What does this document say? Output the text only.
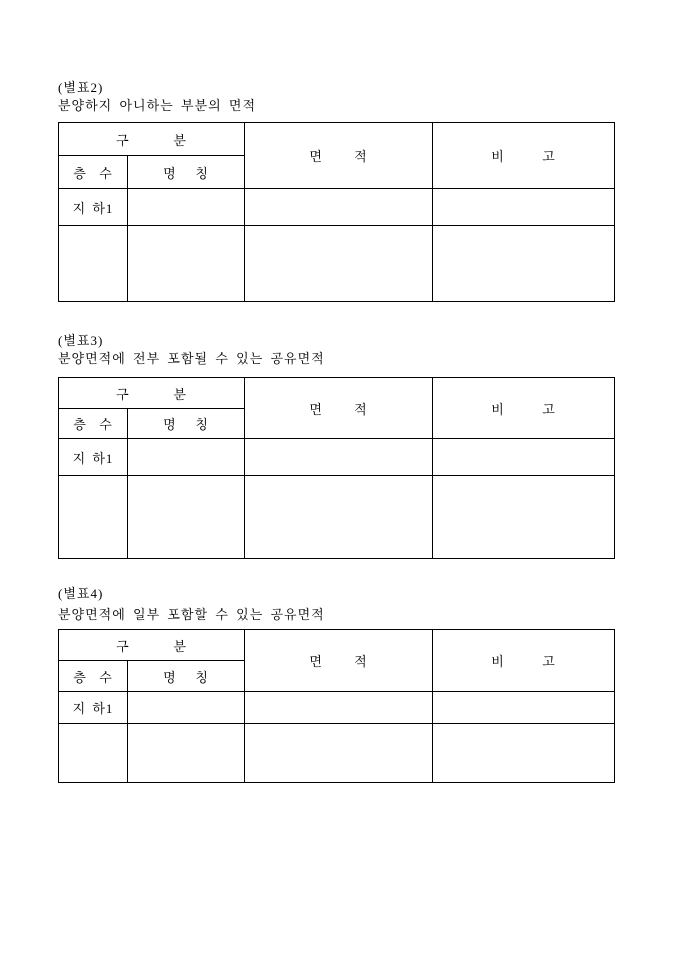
(별표2)
분양하지 아니하는 부분의 면적
구       분		면     적	비      고
층  수	명   칭		
지 하1			

(별표3)
분양면적에 전부 포함될 수 있는 공유면적
구       분		면     적	비      고
층  수	명   칭		
지 하1			

(별표4)
분양면적에 일부 포함할 수 있는 공유면적
구       분		면     적	비      고
층  수	명   칭		
지 하1			
